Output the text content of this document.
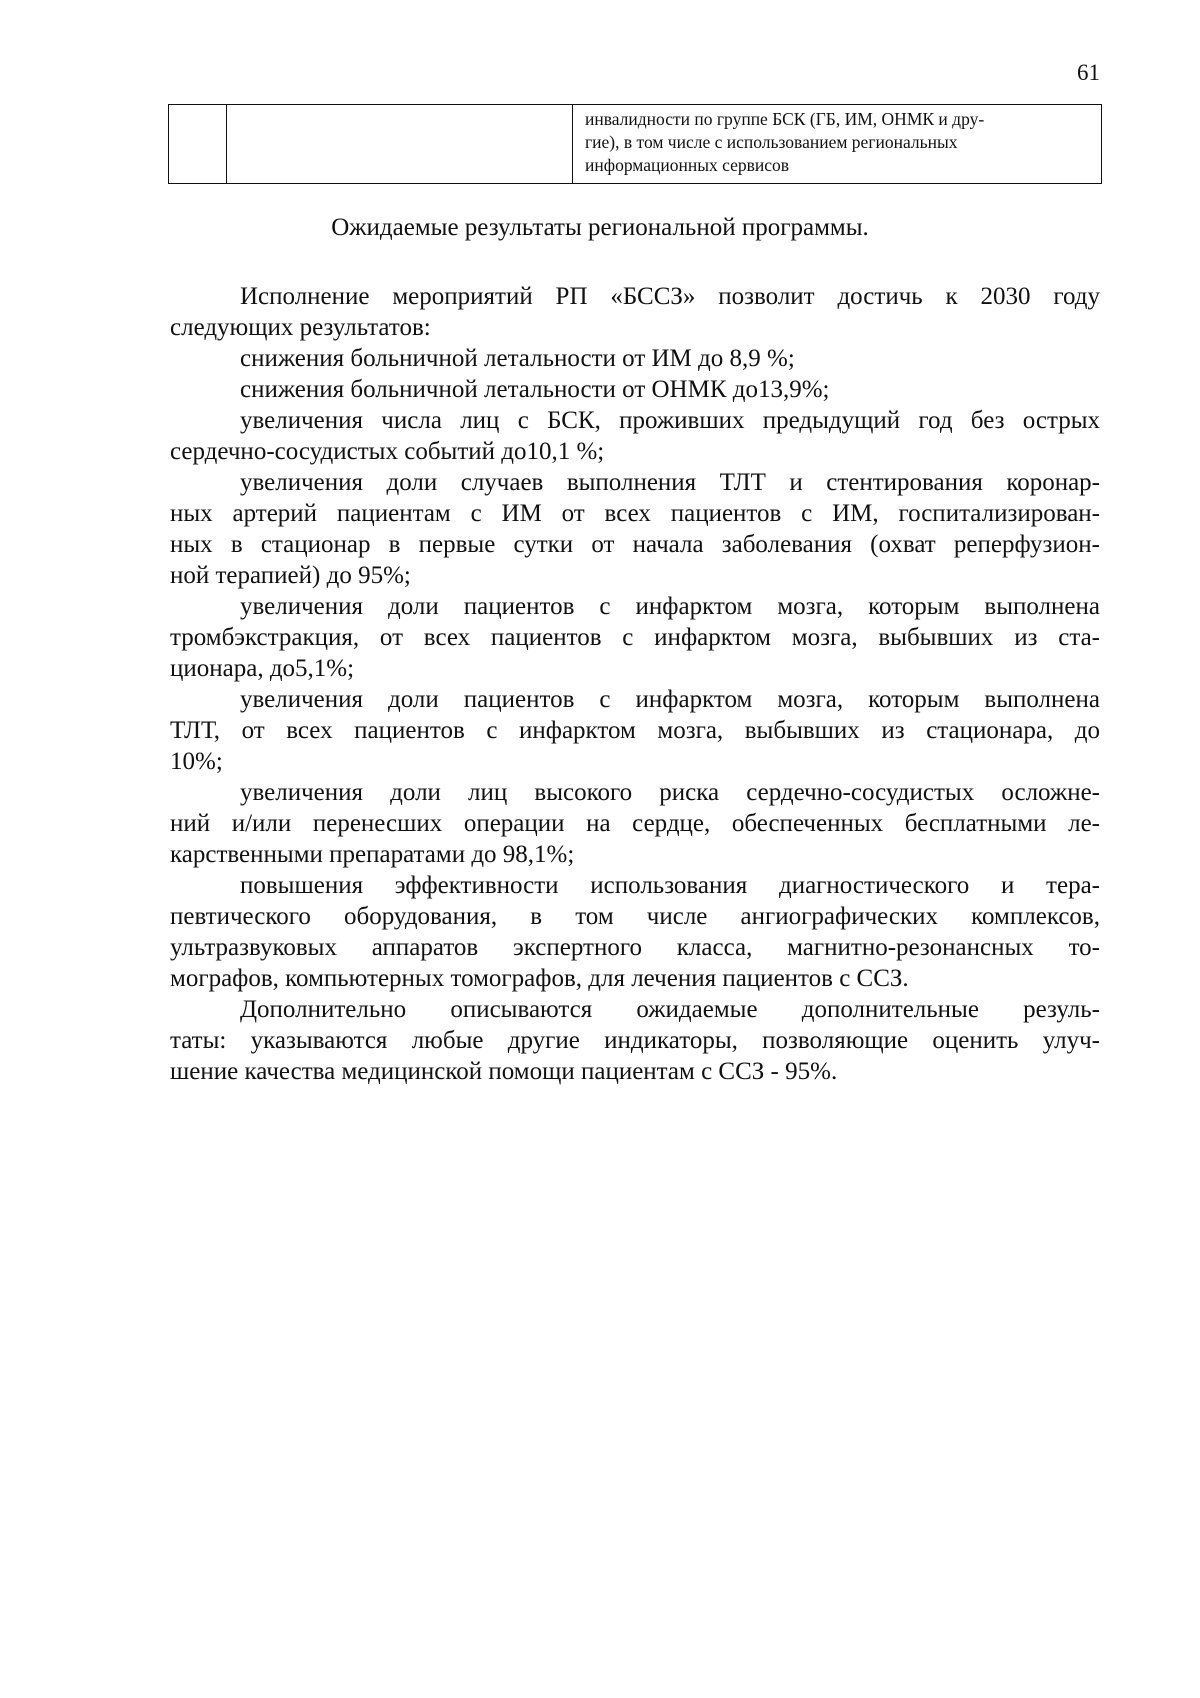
61

инвалидности по группе БСК (ГБ, ИМ, ОНМК и дру-
гие), в том числе с использованием региональных
информационных сервисов
Ожидаемые результаты региональной программы.
Исполнение мероприятий РП «БССЗ» позволит достичь к 2030 году
следующих результатов:
снижения больничной летальности от ИМ до 8,9 %;
снижения больничной летальности от ОНМК до13,9%;
увеличения числа лиц с БСК, проживших предыдущий год без острых
сердечно-сосудистых событий до10,1 %;
увеличения доли случаев выполнения ТЛТ и стентирования коронар-
ных артерий пациентам с ИМ от всех пациентов с ИМ, госпитализирован-
ных в стационар в первые сутки от начала заболевания (охват реперфузион-
ной терапией) до 95%;
увеличения доли пациентов с инфарктом мозга, которым выполнена
тромбэкстракция, от всех пациентов с инфарктом мозга, выбывших из ста-
ционара, до5,1%;
увеличения доли пациентов с инфарктом мозга, которым выполнена
ТЛТ, от всех пациентов с инфарктом мозга, выбывших из стационара, до
10%;
увеличения доли лиц высокого риска сердечно-сосудистых осложне-
ний и/или перенесших операции на сердце, обеспеченных бесплатными ле-
карственными препаратами до 98,1%;
повышения эффективности использования диагностического и тера-
певтического оборудования, в том числе ангиографических комплексов,
ультразвуковых аппаратов экспертного класса, магнитно-резонансных то-
мографов, компьютерных томографов, для лечения пациентов с ССЗ.
Дополнительно описываются ожидаемые дополнительные резуль-
таты: указываются любые другие индикаторы, позволяющие оценить улуч-
шение качества медицинской помощи пациентам с ССЗ - 95%.
